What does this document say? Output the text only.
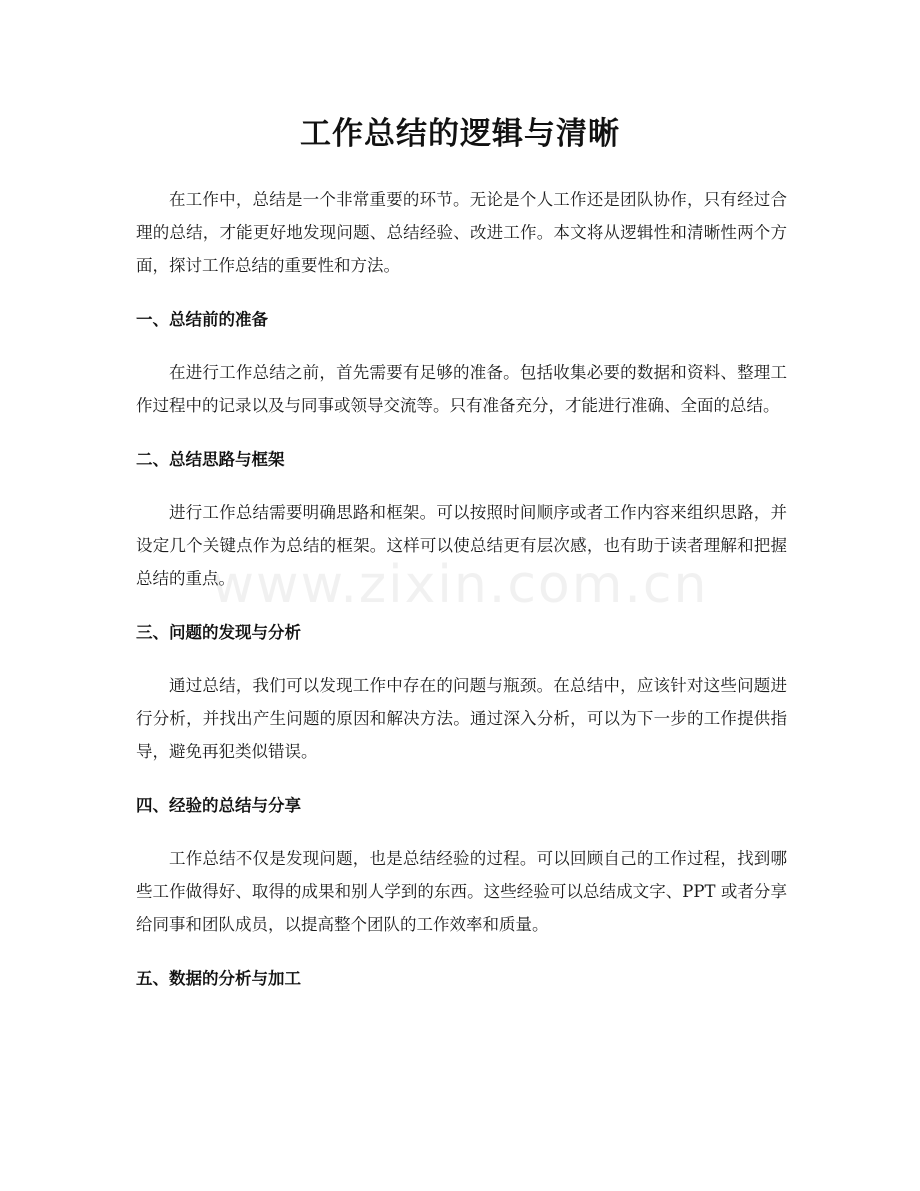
工作总结的逻辑与清晰
www.zixin.com.cn

在工作中，总结是一个非常重要的环节。无论是个人工作还是团队协作，只有经过合理的总结，才能更好地发现问题、总结经验、改进工作。本文将从逻辑性和清晰性两个方面，探讨工作总结的重要性和方法。

一、总结前的准备

在进行工作总结之前，首先需要有足够的准备。包括收集必要的数据和资料、整理工作过程中的记录以及与同事或领导交流等。只有准备充分，才能进行准确、全面的总结。

二、总结思路与框架

进行工作总结需要明确思路和框架。可以按照时间顺序或者工作内容来组织思路，并设定几个关键点作为总结的框架。这样可以使总结更有层次感，也有助于读者理解和把握总结的重点。

三、问题的发现与分析

通过总结，我们可以发现工作中存在的问题与瓶颈。在总结中，应该针对这些问题进行分析，并找出产生问题的原因和解决方法。通过深入分析，可以为下一步的工作提供指导，避免再犯类似错误。

四、经验的总结与分享

工作总结不仅是发现问题，也是总结经验的过程。可以回顾自己的工作过程，找到哪些工作做得好、取得的成果和别人学到的东西。这些经验可以总结成文字、PPT 或者分享给同事和团队成员，以提高整个团队的工作效率和质量。

五、数据的分析与加工
